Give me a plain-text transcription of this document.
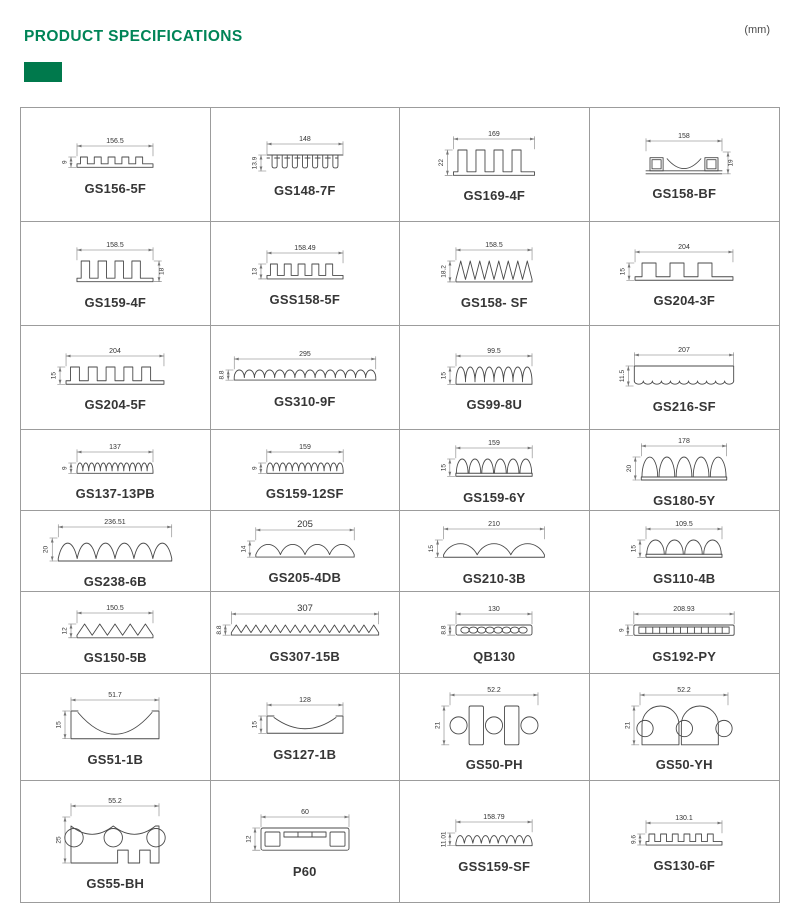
PRODUCT SPECIFICATIONS	(mm)
156.5
9
GS156-5F
148
13.9
GS148-7F
169
22
GS169-4F
158
19
GS158-BF
158.5
18
GS159-4F
158.49
13
GSS158-5F
158.5
18.2
GS158- SF
204
15
GS204-3F
204
15
GS204-5F
295
8.8
GS310-9F
99.5
15
GS99-8U
207
11.5
GS216-SF
137
9
GS137-13PB
159
9
GS159-12SF
159
15
GS159-6Y
178
20
GS180-5Y
236.51
20
GS238-6B
205
14
GS205-4DB
210
15
GS210-3B
109.5
15
GS110-4B
150.5
12
GS150-5B
307
8.8
GS307-15B
130
8.8
QB130
208.93
9
GS192-PY
51.7
15
GS51-1B
128
15
GS127-1B
52.2
21
GS50-PH
52.2
21
GS50-YH
55.2
25
GS55-BH
60
12
P60
158.79
11.01
GSS159-SF
130.1
9.6
GS130-6F
